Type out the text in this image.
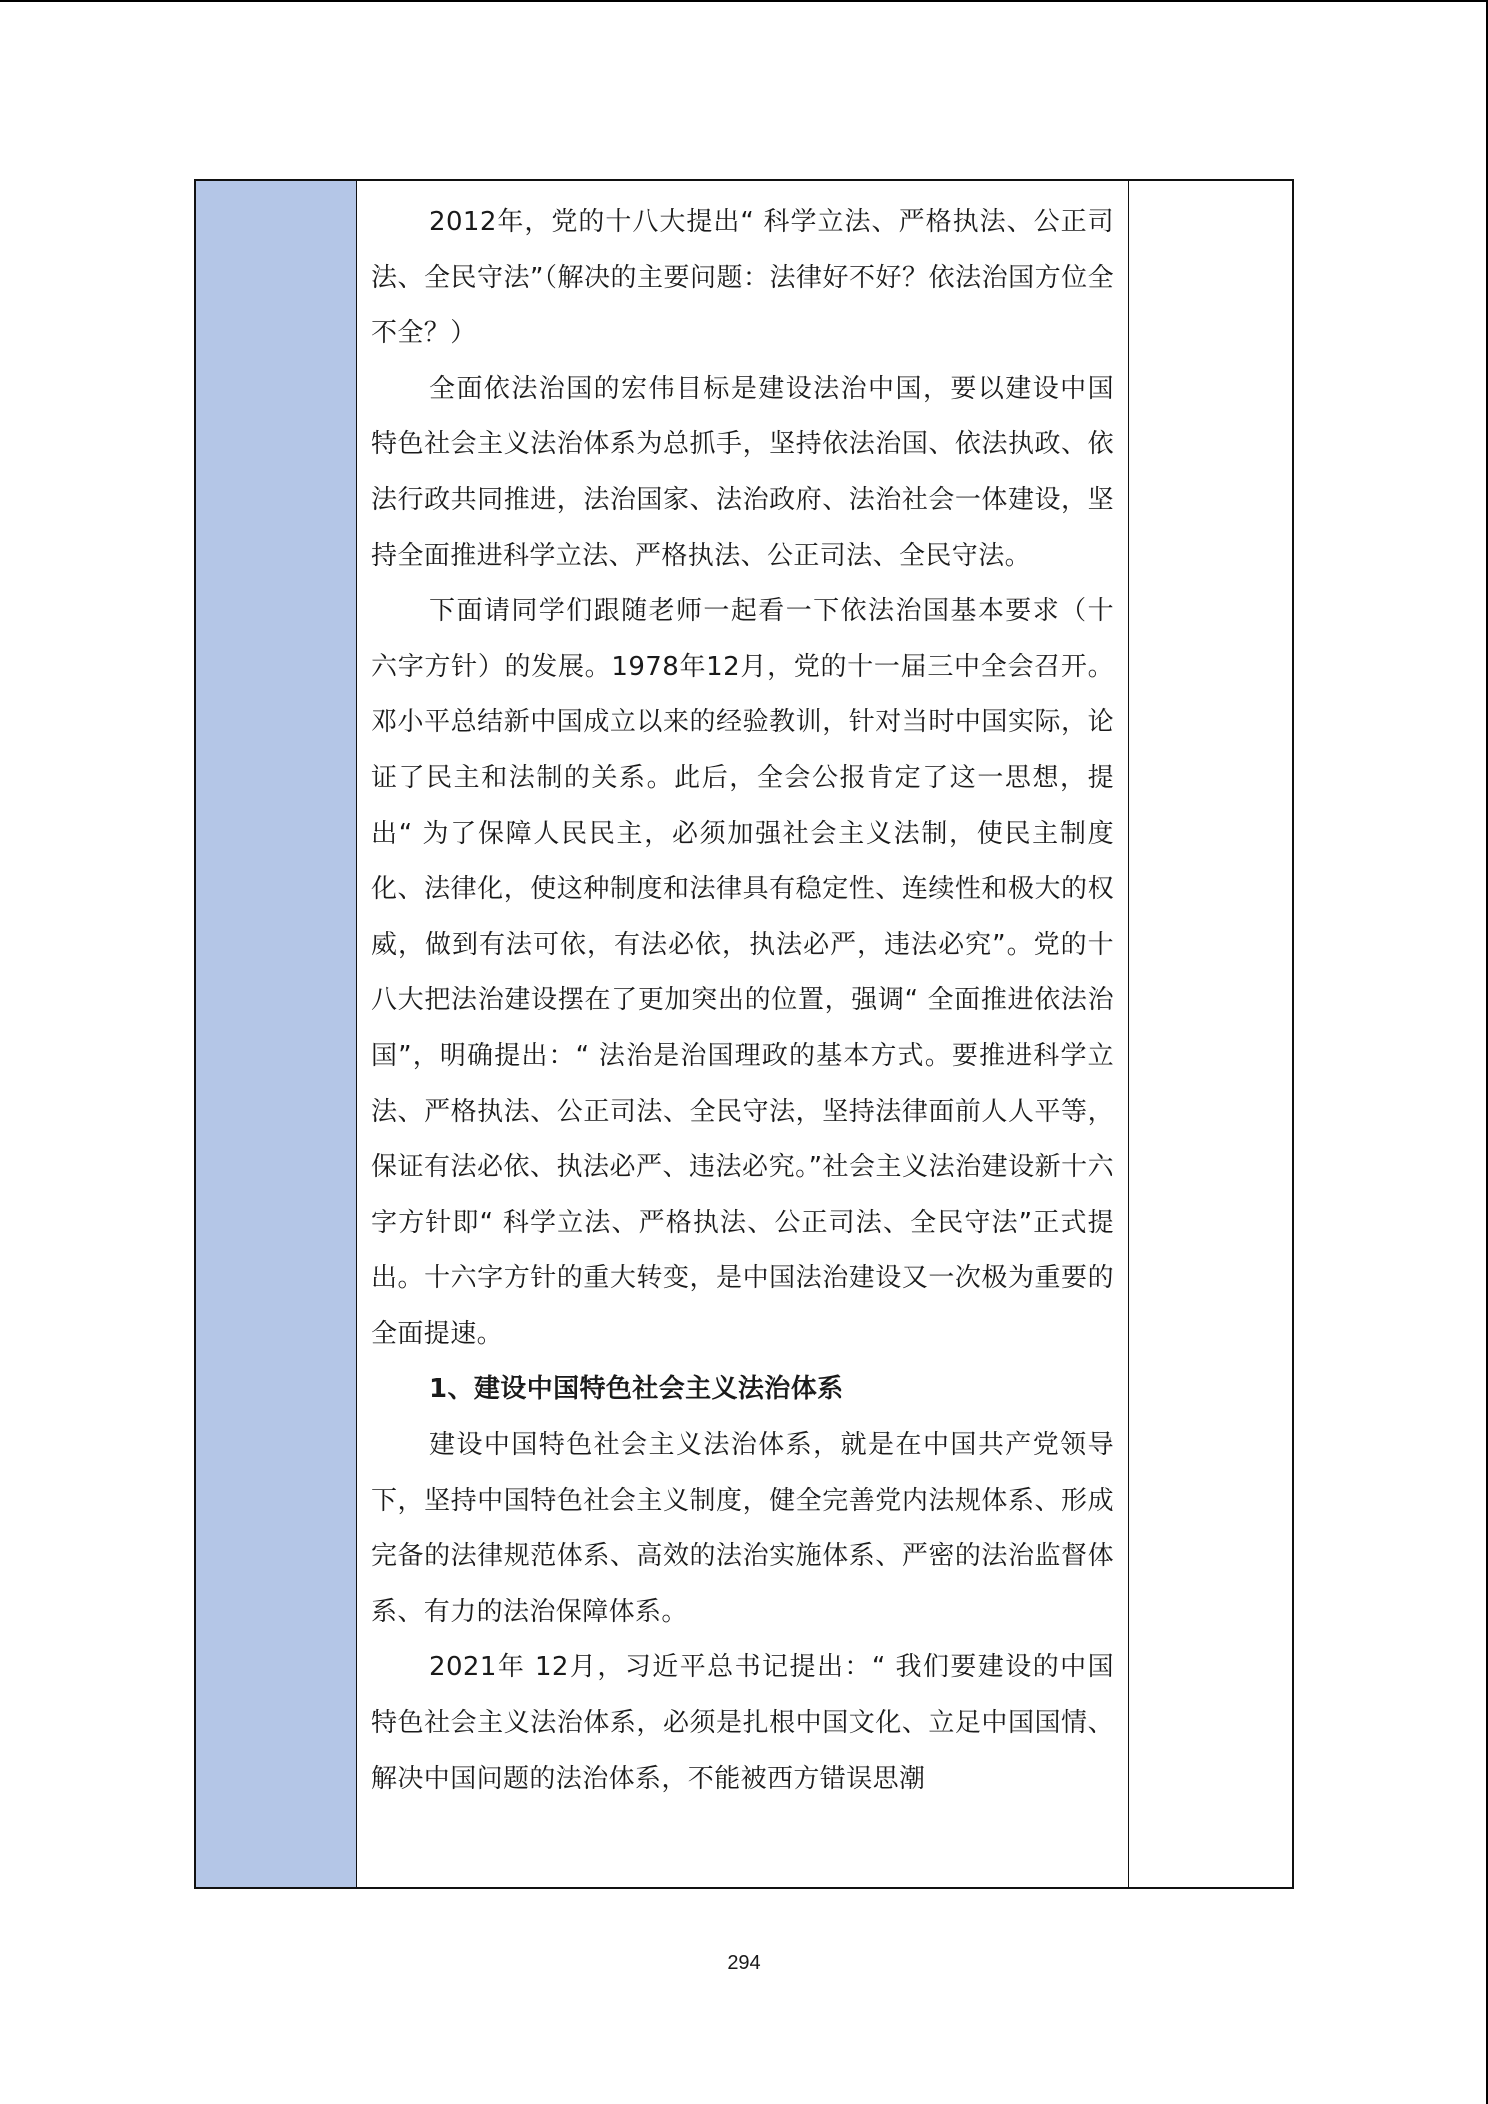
2012年，党的十八大提出“ 科学立法、严格执法、公正司法、全民守法”（解决的主要问题：法律好不好？依法治国方位全不全？）

全面依法治国的宏伟目标是建设法治中国，要以建设中国特色社会主义法治体系为总抓手，坚持依法治国、依法执政、依法行政共同推进，法治国家、法治政府、法治社会一体建设，坚持全面推进科学立法、严格执法、公正司法、全民守法。

下面请同学们跟随老师一起看一下依法治国基本要求（十六字方针）的发展。1978年12月，党的十一届三中全会召开。邓小平总结新中国成立以来的经验教训，针对当时中国实际，论证了民主和法制的关系。此后，全会公报肯定了这一思想，提出“ 为了保障人民民主，必须加强社会主义法制，使民主制度化、法律化，使这种制度和法律具有稳定性、连续性和极大的权威，做到有法可依，有法必依，执法必严，违法必究”。党的十八大把法治建设摆在了更加突出的位置，强调“ 全面推进依法治国”，明确提出：“ 法治是治国理政的基本方式。要推进科学立法、严格执法、公正司法、全民守法，坚持法律面前人人平等，保证有法必依、执法必严、违法必究。”社会主义法治建设新十六字方针即“ 科学立法、严格执法、公正司法、全民守法”正式提出。十六字方针的重大转变，是中国法治建设又一次极为重要的全面提速。

1、建设中国特色社会主义法治体系

建设中国特色社会主义法治体系，就是在中国共产党领导下，坚持中国特色社会主义制度，健全完善党内法规体系、形成完备的法律规范体系、高效的法治实施体系、严密的法治监督体系、有力的法治保障体系。

2021年 12月，习近平总书记提出：“ 我们要建设的中国特色社会主义法治体系，必须是扎根中国文化、立足中国国情、解决中国问题的法治体系，不能被西方错误思潮

294
